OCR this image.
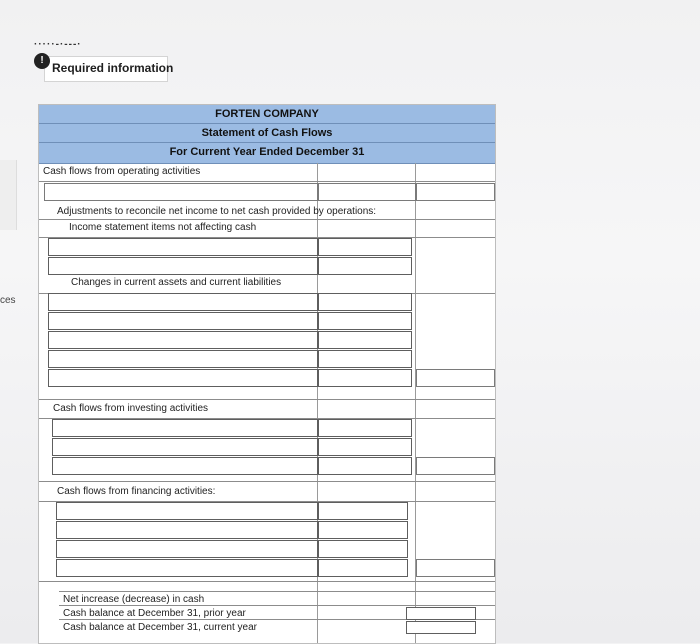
ces
·····-·---·
!
Required information
FORTEN COMPANY
Statement of Cash Flows
For Current Year Ended December 31
Cash flows from operating activities
Adjustments to reconcile net income to net cash provided by operations:
Income statement items not affecting cash
Changes in current assets and current liabilities
Cash flows from investing activities
Cash flows from financing activities:
Net increase (decrease) in cash
Cash balance at December 31, prior year
Cash balance at December 31, current year
